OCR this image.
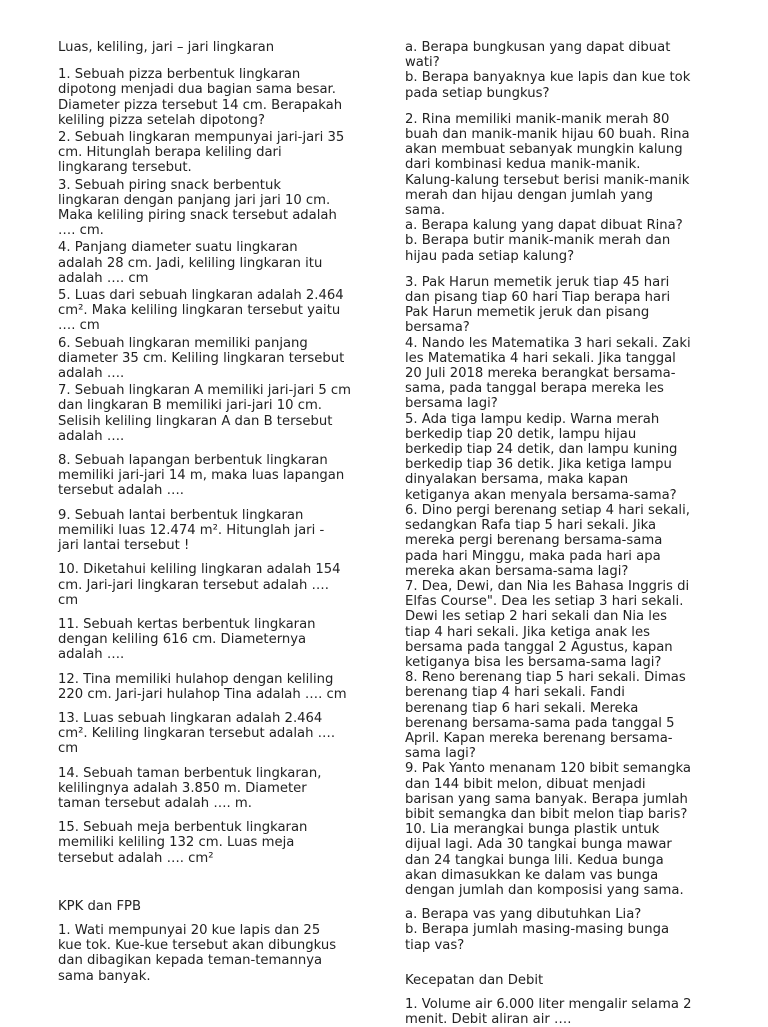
Luas, keliling, jari – jari lingkaran

1. Sebuah pizza berbentuk lingkaran
dipotong menjadi dua bagian sama besar.
Diameter pizza tersebut 14 cm. Berapakah
keliling pizza setelah dipotong?

2. Sebuah lingkaran mempunyai jari-jari 35
cm. Hitunglah berapa keliling dari
lingkarang tersebut.

3. Sebuah piring snack berbentuk
lingkaran dengan panjang jari jari 10 cm.
Maka keliling piring snack tersebut adalah
…. cm.

4. Panjang diameter suatu lingkaran
adalah 28 cm. Jadi, keliling lingkaran itu
adalah …. cm

5. Luas dari sebuah lingkaran adalah 2.464
cm². Maka keliling lingkaran tersebut yaitu
…. cm

6. Sebuah lingkaran memiliki panjang
diameter 35 cm. Keliling lingkaran tersebut
adalah ….

7. Sebuah lingkaran A memiliki jari-jari 5 cm
dan lingkaran B memiliki jari-jari 10 cm.
Selisih keliling lingkaran A dan B tersebut
adalah ….

8. Sebuah lapangan berbentuk lingkaran
memiliki jari-jari 14 m, maka luas lapangan
tersebut adalah ….

9. Sebuah lantai berbentuk lingkaran
memiliki luas 12.474 m². Hitunglah jari -
jari lantai tersebut !

10. Diketahui keliling lingkaran adalah 154
cm. Jari-jari lingkaran tersebut adalah ….
cm

11. Sebuah kertas berbentuk lingkaran
dengan keliling 616 cm. Diameternya
adalah ….

12. Tina memiliki hulahop dengan keliling
220 cm. Jari-jari hulahop Tina adalah …. cm

13. Luas sebuah lingkaran adalah 2.464
cm². Keliling lingkaran tersebut adalah ….
cm

14. Sebuah taman berbentuk lingkaran,
kelilingnya adalah 3.850 m. Diameter
taman tersebut adalah …. m.

15. Sebuah meja berbentuk lingkaran
memiliki keliling 132 cm. Luas meja
tersebut adalah …. cm²

KPK dan FPB

1. Wati mempunyai 20 kue lapis dan 25
kue tok. Kue-kue tersebut akan dibungkus
dan dibagikan kepada teman-temannya
sama banyak.

a. Berapa bungkusan yang dapat dibuat
wati?
b. Berapa banyaknya kue lapis dan kue tok
pada setiap bungkus?

2. Rina memiliki manik-manik merah 80
buah dan manik-manik hijau 60 buah. Rina
akan membuat sebanyak mungkin kalung
dari kombinasi kedua manik-manik.
Kalung-kalung tersebut berisi manik-manik
merah dan hijau dengan jumlah yang
sama.
a. Berapa kalung yang dapat dibuat Rina?
b. Berapa butir manik-manik merah dan
hijau pada setiap kalung?

3. Pak Harun memetik jeruk tiap 45 hari
dan pisang tiap 60 hari Tiap berapa hari
Pak Harun memetik jeruk dan pisang
bersama?
4. Nando les Matematika 3 hari sekali. Zaki
les Matematika 4 hari sekali. Jika tanggal
20 Juli 2018 mereka berangkat bersama-
sama, pada tanggal berapa mereka les
bersama lagi?
5. Ada tiga lampu kedip. Warna merah
berkedip tiap 20 detik, lampu hijau
berkedip tiap 24 detik, dan lampu kuning
berkedip tiap 36 detik. Jika ketiga lampu
dinyalakan bersama, maka kapan
ketiganya akan menyala bersama-sama?
6. Dino pergi berenang setiap 4 hari sekali,
sedangkan Rafa tiap 5 hari sekali. Jika
mereka pergi berenang bersama-sama
pada hari Minggu, maka pada hari apa
mereka akan bersama-sama lagi?
7. Dea, Dewi, dan Nia les Bahasa Inggris di
Elfas Course". Dea les setiap 3 hari sekali.
Dewi les setiap 2 hari sekali dan Nia les
tiap 4 hari sekali. Jika ketiga anak les
bersama pada tanggal 2 Agustus, kapan
ketiganya bisa les bersama-sama lagi?
8. Reno berenang tiap 5 hari sekali. Dimas
berenang tiap 4 hari sekali. Fandi
berenang tiap 6 hari sekali. Mereka
berenang bersama-sama pada tanggal 5
April. Kapan mereka berenang bersama-
sama lagi?
9. Pak Yanto menanam 120 bibit semangka
dan 144 bibit melon, dibuat menjadi
barisan yang sama banyak. Berapa jumlah
bibit semangka dan bibit melon tiap baris?
10. Lia merangkai bunga plastik untuk
dijual lagi. Ada 30 tangkai bunga mawar
dan 24 tangkai bunga lili. Kedua bunga
akan dimasukkan ke dalam vas bunga
dengan jumlah dan komposisi yang sama.

a. Berapa vas yang dibutuhkan Lia?
b. Berapa jumlah masing-masing bunga
tiap vas?

Kecepatan dan Debit

1. Volume air 6.000 liter mengalir selama 2
menit. Debit aliran air ….
